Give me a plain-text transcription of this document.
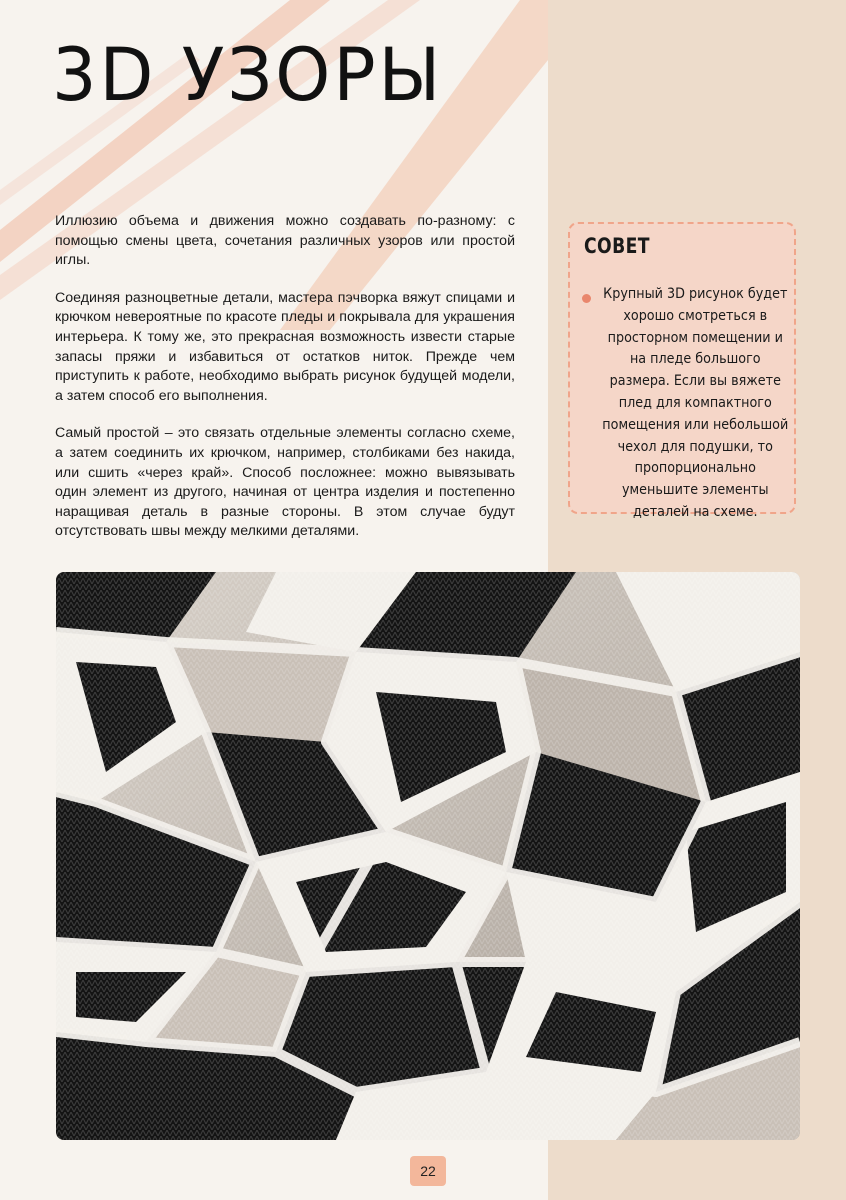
3D УЗОРЫ

Иллюзию объема и движения можно создавать по-разному: с помощью смены цвета, сочетания различных узоров или простой иглы.

Соединяя разноцветные детали, мастера пэчворка вяжут спицами и крючком невероятные по красоте пледы и покрывала для украшения интерьера. К тому же, это прекрасная возможность извести старые запасы пряжи и избавиться от остатков ниток. Прежде чем приступить к работе, необходимо выбрать рисунок будущей модели, а затем способ его выполнения.

Самый простой – это связать отдельные элементы согласно схеме, а затем соединить их крючком, например, столбиками без накида, или сшить «через край». Способ посложнее: можно вывязывать один элемент из другого, начиная от центра изделия и постепенно наращивая деталь в разные стороны. В этом случае будут отсутствовать швы между мелкими деталями.

СОВЕТ
Крупный 3D рисунок будет хорошо смотреться в просторном помещении и на пледе большого размера. Если вы вяжете плед для компактного помещения или небольшой чехол для подушки, то пропорционально уменьшите элементы деталей на схеме.
22
